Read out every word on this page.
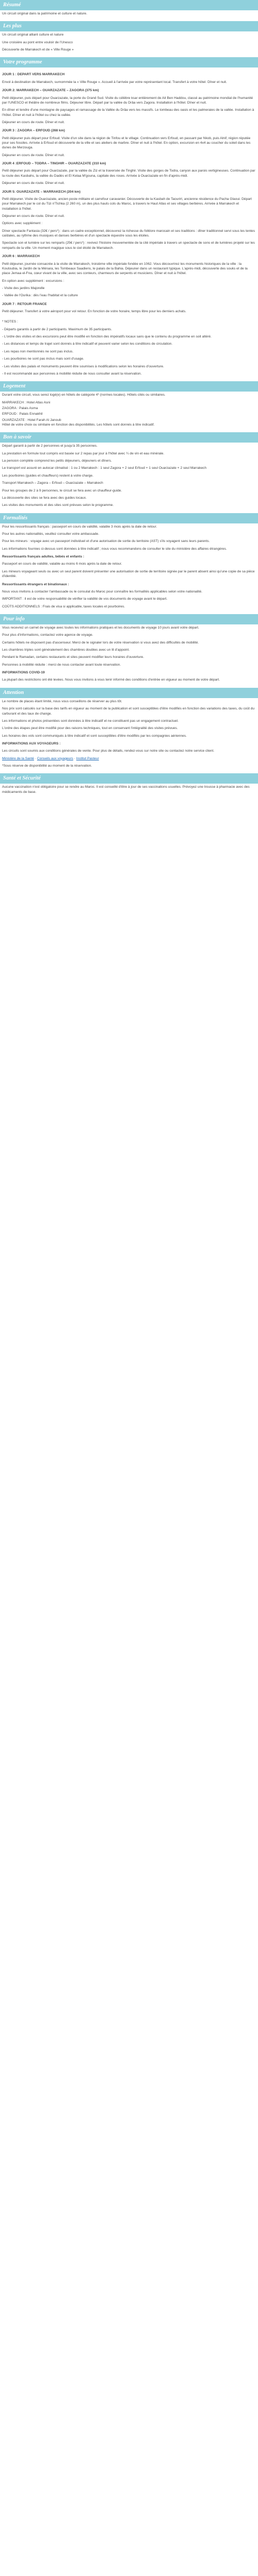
Résumé

Un circuit original dans la patrimoine et culture et nature.

Les plus

Un circuit original alliant culture et nature

Une croisière au pont entre vouloir de l'Unesco

Découverte de Marrakech et de « Ville Rouge »

Votre programme

JOUR 1 : DEPART VERS MARRAKECH

Envol à destination de Marrakech, surnommée la « Ville Rouge ». Accueil à l'arrivée par votre représentant local. Transfert à votre hôtel. Dîner et nuit.

JOUR 2: MARRAKECH – OUARZAZATE – ZAGORA (375 km)

Petit déjeuner, puis départ pour Ouarzazate, la porte du Grand Sud. Visite du célèbre ksar entièrement de Ait Ben Haddou, classé au patrimoine mondial de l'humanité par l'UNESCO et théâtre de nombreux films. Déjeuner libre. Départ par la vallée du Drâa vers Zagora. Installation à l'hôtel. Dîner et nuit.

En dîner et tendre d'une montagne de paysages et ramassage de la Vallée du Drâa vers les massifs. Le tombeau des oasis et les palmeraies de la vallée. Installation à l'hôtel. Dîner et nuit à l'hôtel ou chez la vallée.

Déjeuner en cours de route. Dîner et nuit.

JOUR 3 : ZAGORA – ERFOUD (268 km)

Petit déjeuner puis départ pour Erfoud. Visite d'un site dans la région de Tinfou et le village. Continuation vers Erfoud, en passant par Nkob, puis Alnif, région réputée pour ses fossiles. Arrivée à Erfoud et découverte de la ville et ses ateliers de marbre. Dîner et nuit à l'hôtel. En option, excursion en 4x4 au coucher du soleil dans les dunes de Merzouga.

Déjeuner en cours de route. Dîner et nuit.

JOUR 4 :ERFOUD – TODRA – TINGHIR – OUARZAZATE (310 km)

Petit déjeuner puis départ pour Ouarzazate, par la vallée du Ziz et la traversée de Tinghir. Visite des gorges de Todra, canyon aux parois vertigineuses. Continuation par la route des Kasbahs, la vallée du Dadès et El Kelaa M'gouna, capitale des roses. Arrivée à Ouarzazate en fin d'après-midi.

Déjeuner en cours de route. Dîner et nuit.

JOUR 5: OUARZAZATE – MARRAKECH (204 km)

Petit déjeuner. Visite de Ouarzazate, ancien poste militaire et carrefour caravanier. Découverte de la Kasbah de Taourirt, ancienne résidence du Pacha Glaoui. Départ pour Marrakech par le col du Tizi n'Tichka (2 260 m), un des plus hauts cols du Maroc, à travers le Haut Atlas et ses villages berbères. Arrivée à Marrakech et installation à l'hôtel.

Déjeuner en cours de route. Dîner et nuit.

Options avec supplément :

Dîner spectacle Fantasia (32€ / pers*) : dans un cadre exceptionnel, découvrez la richesse du folklore marocain et ses traditions : dîner traditionnel servi sous les tentes caïdales, au rythme des musiques et danses berbères et d'un spectacle équestre sous les étoiles.

Spectacle son et lumière sur les remparts (25€ / pers*) : revivez l'histoire mouvementée de la cité impériale à travers un spectacle de sons et de lumières projeté sur les remparts de la ville. Un moment magique sous le ciel étoilé de Marrakech.

JOUR 6 : MARRAKECH

Petit déjeuner, journée consacrée à la visite de Marrakech, troisième ville impériale fondée en 1062. Vous découvrirez les monuments historiques de la ville : la Koutoubia, le Jardin de la Ménara, les Tombeaux Saadiens, le palais de la Bahia. Déjeuner dans un restaurant typique. L'après-midi, découverte des souks et de la place Jemaa el-Fna, cœur vivant de la ville, avec ses conteurs, charmeurs de serpents et musiciens. Dîner et nuit à l'hôtel.

En option avec supplément : excursions :

- Visite des jardins Majorelle

- Vallée de l'Ourika : dès l'eau l'habitat et la culture

JOUR 7 : RETOUR FRANCE

Petit déjeuner. Transfert à votre aéroport pour vol retour. En fonction de votre horaire, temps libre pour les derniers achats.

* NOTES :

- Départs garantis à partir de 2 participants. Maximum de 35 participants.

- L'ordre des visites et des excursions peut être modifié en fonction des impératifs locaux sans que le contenu du programme en soit altéré.

- Les distances et temps de trajet sont donnés à titre indicatif et peuvent varier selon les conditions de circulation.

- Les repas non mentionnés ne sont pas inclus.

- Les pourboires ne sont pas inclus mais sont d'usage.

- Les visites des palais et monuments peuvent être soumises à modifications selon les horaires d'ouverture.

- Il est recommandé aux personnes à mobilité réduite de nous consulter avant la réservation.

Logement

Durant votre circuit, vous serez logé(e) en hôtels de catégorie 4* (normes locales). Hôtels cités ou similaires.

MARRAKECH : Hotel Atlas Asni

ZAGORA : Palais Asma

ERFOUD : Palais Ennakhil

OUARZAZATE : Hotel Farah Al Janoub

Hôtel de votre choix ou similaire en fonction des disponibilités. Les hôtels sont donnés à titre indicatif.

Bon à savoir

Départ garanti à partir de 2 personnes et jusqu'à 35 personnes.

La prestation en formule tout compris est basée sur 2 repas par jour à l'hôtel avec ¼ de vin et eau minérale.

La pension complète comprend les petits déjeuners, déjeuners et dîners.

Le transport est assuré en autocar climatisé : 1 ou 2 Marrakech : 1 seul Zagora + 2 seul Erfoud + 1 seul Ouarzazate + 2 seul Marrakech

Les pourboires (guides et chauffeurs) restent à votre charge.

Transport Marrakech – Zagora – Erfoud – Ouarzazate – Marrakech

Pour les groupes de 2 à 9 personnes, le circuit se fera avec un chauffeur-guide.

La découverte des sites se fera avec des guides locaux.

Les visites des monuments et des sites sont prévues selon le programme.

Formalités

Pour les ressortissants français : passeport en cours de validité, valable 3 mois après la date de retour.

Pour les autres nationalités, veuillez consulter votre ambassade.

Pour les mineurs : voyage avec un passeport individuel et d'une autorisation de sortie du territoire (AST) s'ils voyagent sans leurs parents.

Les informations fournies ci-dessus sont données à titre indicatif ; nous vous recommandons de consulter le site du ministère des affaires étrangères.

Ressortissants français adultes, bébés et enfants :

Passeport en cours de validité, valable au moins 6 mois après la date de retour.

Les mineurs voyageant seuls ou avec un seul parent doivent présenter une autorisation de sortie de territoire signée par le parent absent ainsi qu'une copie de sa pièce d'identité.

Ressortissants étrangers et binationaux :

Nous vous invitons à contacter l'ambassade ou le consulat du Maroc pour connaître les formalités applicables selon votre nationalité.

IMPORTANT : il est de votre responsabilité de vérifier la validité de vos documents de voyage avant le départ.

COÛTS ADDITIONNELS : Frais de visa si applicable, taxes locales et pourboires.

Pour info

Vous recevrez un carnet de voyage avec toutes les informations pratiques et les documents de voyage 10 jours avant votre départ.

Pour plus d'informations, contactez votre agence de voyage.

Certains hôtels ne disposent pas d'ascenseur. Merci de le signaler lors de votre réservation si vous avez des difficultés de mobilité.

Les chambres triples sont généralement des chambres doubles avec un lit d'appoint.

Pendant le Ramadan, certains restaurants et sites peuvent modifier leurs horaires d'ouverture.

Personnes à mobilité réduite : merci de nous contacter avant toute réservation.

INFORMATIONS COVID-19

La plupart des restrictions ont été levées. Nous vous invitons à vous tenir informé des conditions d'entrée en vigueur au moment de votre départ.

Attention

Le nombre de places étant limité, nous vous conseillons de réserver au plus tôt.

Nos prix sont calculés sur la base des tarifs en vigueur au moment de la publication et sont susceptibles d'être modifiés en fonction des variations des taxes, du coût du carburant et des taux de change.

Les informations et photos présentées sont données à titre indicatif et ne constituent pas un engagement contractuel.

L'ordre des étapes peut être modifié pour des raisons techniques, tout en conservant l'intégralité des visites prévues.

Les horaires des vols sont communiqués à titre indicatif et sont susceptibles d'être modifiés par les compagnies aériennes.

INFORMATIONS AUX VOYAGEURS :

Les circuits sont soumis aux conditions générales de vente. Pour plus de détails, rendez-vous sur notre site ou contactez notre service client.

Ministère de la Santé · Conseils aux voyageurs · Institut Pasteur

*Sous réserve de disponibilité au moment de la réservation.

Santé et Sécurité

Aucune vaccination n'est obligatoire pour se rendre au Maroc. Il est conseillé d'être à jour de ses vaccinations usuelles. Prévoyez une trousse à pharmacie avec des médicaments de base.
